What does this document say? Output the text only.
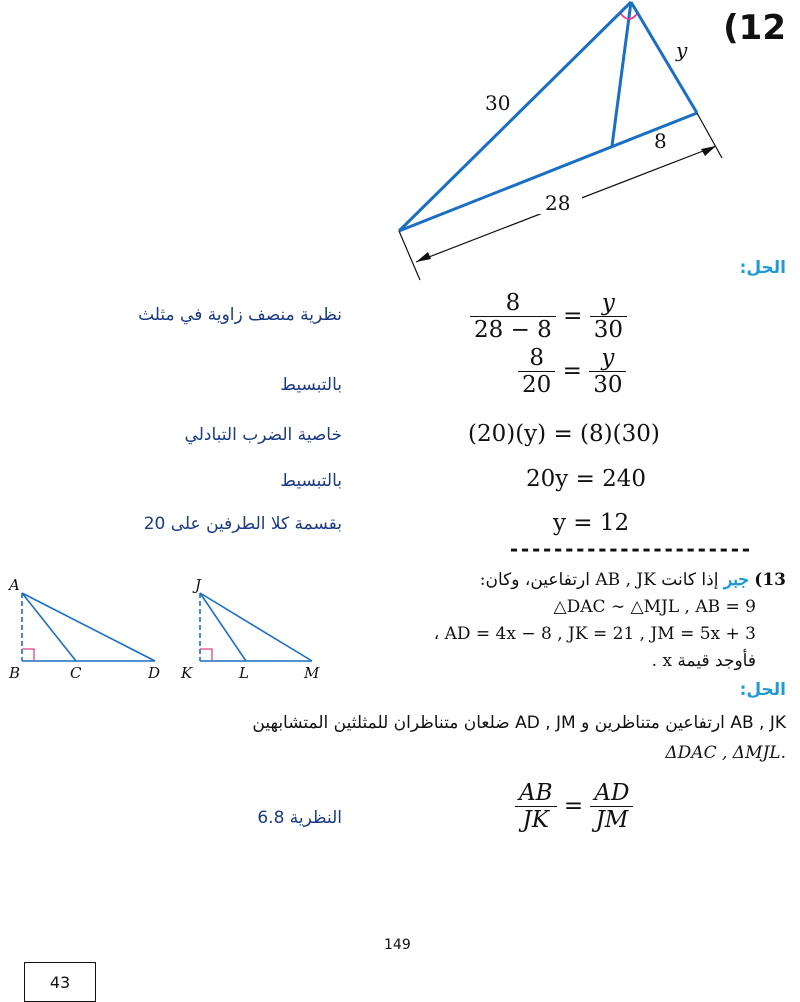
(12
30
y
8
28
الحل:
نظرية منصف زاوية في مثلث	$\frac{8}{28 - 8} = \frac{y}{30}$
بالتبسيط	$\frac{8}{20} = \frac{y}{30}$
خاصية الضرب التبادلي	(20)(y) = (8)(30)
بالتبسيط	20y = 240
بقسمة كلا الطرفين على 20	y = 12
----------------------
A
B	C	D
J
K	L	M
13) جبر إذا كانت AB , JK ارتفاعين، وكان:
△DAC ∼ △MJL , AB = 9
، AD = 4x − 8 , JK = 21 , JM = 5x + 3
فأوجد قيمة x .
الحل:
AB , JK ارتفاعين متناظرين و AD , JM ضلعان متناظران للمثلثين المتشابهين
.ΔDAC , ΔMJL
النظرية 6.8	$\frac{AB}{JK} = \frac{AD}{JM}$
149
43
